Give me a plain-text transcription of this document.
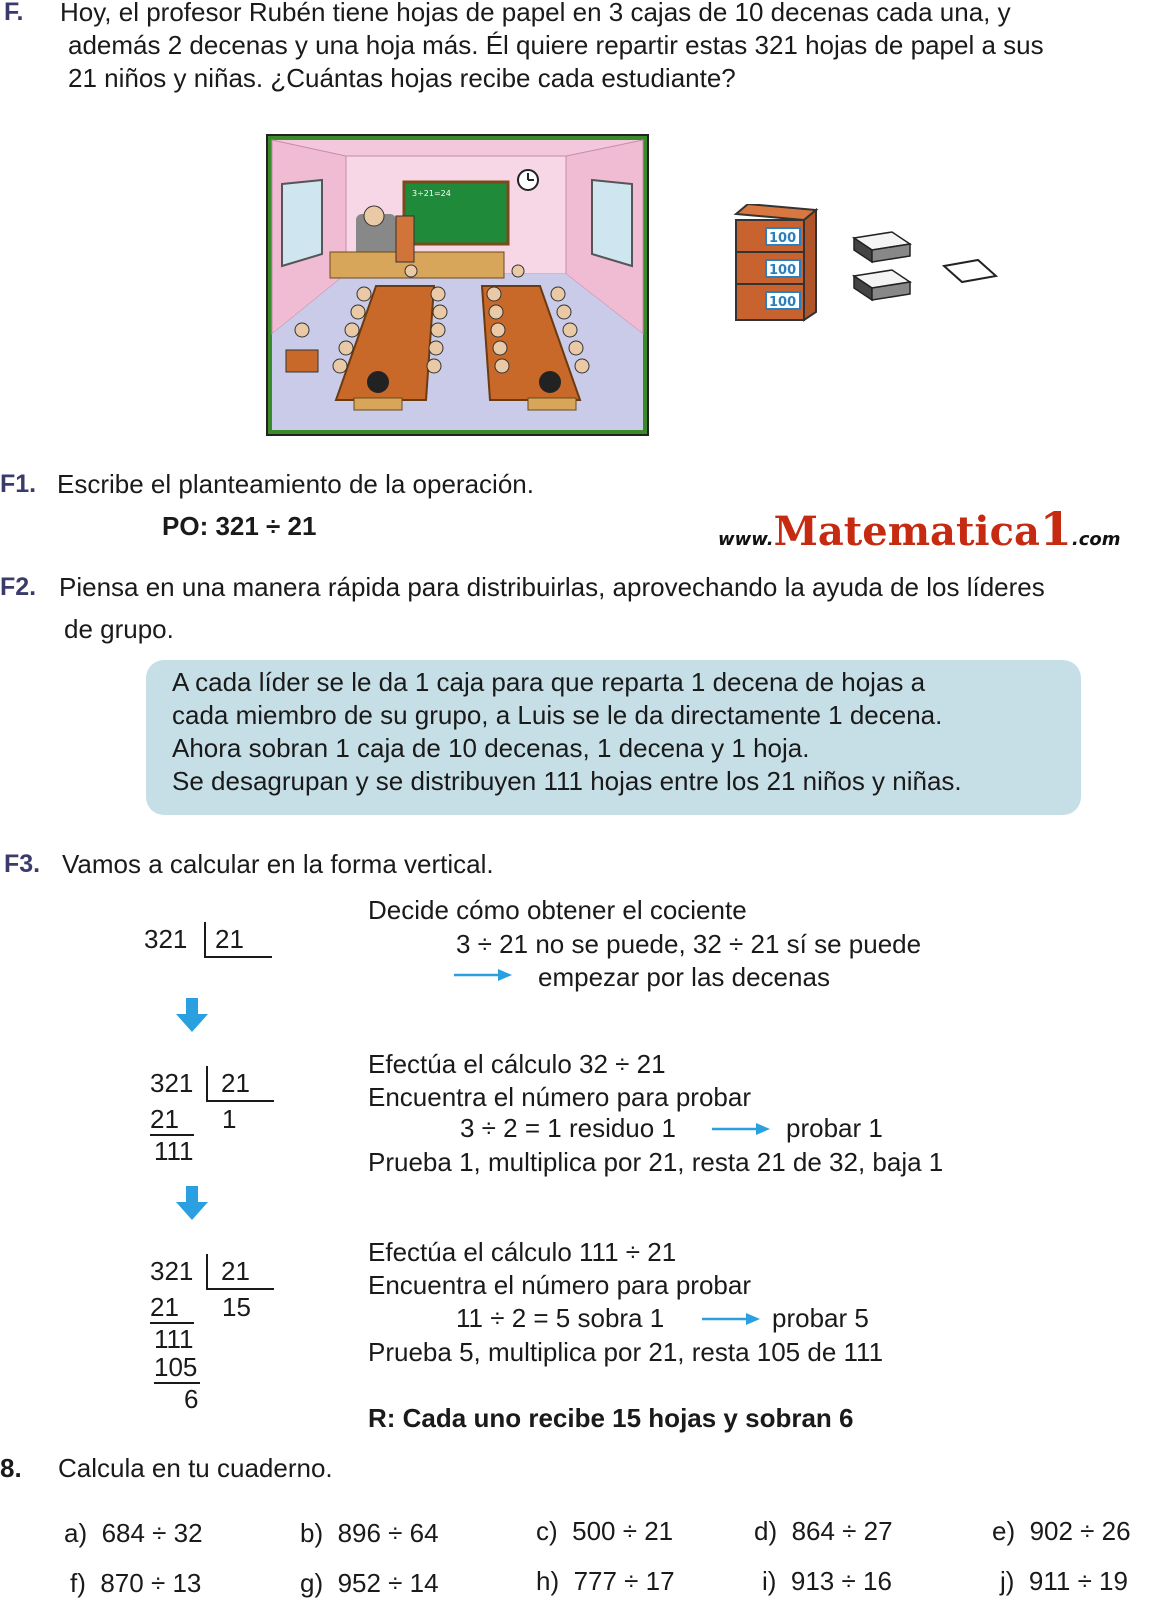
F. Hoy, el profesor Rubén tiene hojas de papel en 3 cajas de 10 decenas cada una, y
además 2 decenas y una hoja más. Él quiere repartir estas 321 hojas de papel a sus
21 niños y niñas. ¿Cuántas hojas recibe cada estudiante?
3÷21=24
100
100
100
F1. Escribe el planteamiento de la operación.
PO: 321 ÷ 21	www.Matematica1.com
F2. Piensa en una manera rápida para distribuirlas, aprovechando la ayuda de los líderes
de grupo.
A cada líder se le da 1 caja para que reparta 1 decena de hojas a
cada miembro de su grupo, a Luis se le da directamente 1 decena.
Ahora sobran 1 caja de 10 decenas, 1 decena y 1 hoja.
Se desagrupan y se distribuyen 111 hojas entre los 21 niños y niñas.
F3. Vamos a calcular en la forma vertical.
321 21
Decide cómo obtener el cociente
3 ÷ 21 no se puede, 32 ÷ 21 sí se puede
empezar por las decenas
321 21
21 1
111
Efectúa el cálculo 32 ÷ 21
Encuentra el número para probar
3 ÷ 2 = 1 residuo 1	probar 1
Prueba 1, multiplica por 21, resta 21 de 32, baja 1
321 21
21 15
111
105
6
Efectúa el cálculo 111 ÷ 21
Encuentra el número para probar
11 ÷ 2 = 5 sobra 1	probar 5
Prueba 5, multiplica por 21, resta 105 de 111
R: Cada uno recibe 15 hojas y sobran 6
8. Calcula en tu cuaderno.
a) 684 ÷ 32	b) 896 ÷ 64	c) 500 ÷ 21	d) 864 ÷ 27	e) 902 ÷ 26
f) 870 ÷ 13	g) 952 ÷ 14	h) 777 ÷ 17	i) 913 ÷ 16	j) 911 ÷ 19
